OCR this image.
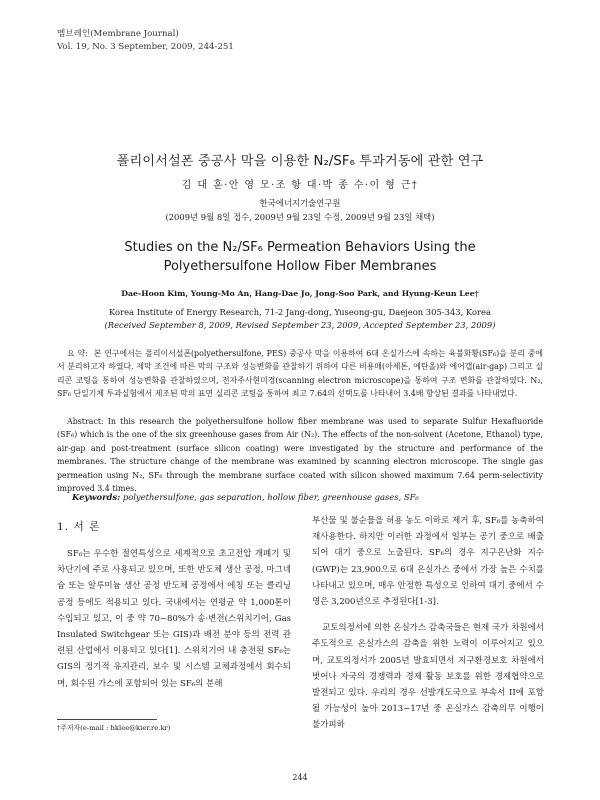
멤브레인(Membrane Journal)
Vol. 19, No. 3 September, 2009, 244-251
폴리이서설폰 중공사 막을 이용한 N₂/SF₆ 투과거동에 관한 연구
김 대 훈·안 영 모·조 항 대·박 종 수·이 형 근†
한국에너지기술연구원
(2009년 9월 8일 접수, 2009년 9월 23일 수정, 2009년 9월 23일 채택)
Studies on the N₂/SF₆ Permeation Behaviors Using the Polyethersulfone Hollow Fiber Membranes
Dae-Hoon Kim, Young-Mo An, Hang-Dae Jo, Jong-Soo Park, and Hyung-Keun Lee†
Korea Institute of Energy Research, 71-2 Jang-dong, Yuseong-gu, Daejeon 305-343, Korea
(Received September 8, 2009, Revised September 23, 2009, Accepted September 23, 2009)
요 약: 본 연구에서는 폴리이서설폰(polyethersulfone, PES) 중공사 막을 이용하여 6대 온실가스에 속하는 육불화황(SF₆)을 분리 중에서 분리하고자 하였다. 제막 조건에 따른 막의 구조와 성능변화를 관찰하기 위하여 다른 비용매(아세톤, 에탄올)와 에어갭(air-gap) 그리고 실리콘 코팅을 통하여 성능변화를 관찰하였으며, 전자주사현미경(scanning electron microscope)을 통하여 구조 변화를 관찰하였다. N₂, SF₆ 단일기체 투과실험에서 제조된 막의 표면 실리콘 코팅을 통하여 최고 7.64의 선택도를 나타내어 3.4배 향상된 결과를 나타내었다.
Abstract: In this research the polyethersulfone hollow fiber membrane was used to separate Sulfur Hexafluoride (SF₆) which is the one of the six greenhouse gases from Air (N₂). The effects of the non-solvent (Acetone, Ethanol) type, air-gap and post-treatment (surface silicon coating) were investigated by the structure and performance of the membranes. The structure change of the membrane was examined by scanning electron microscope. The single gas permeation using N₂, SF₆ through the membrane surface coated with silicon showed maximum 7.64 perm-selectivity improved 3.4 times.
Keywords: polyethersulfone, gas separation, hollow fiber, greenhouse gases, SF₆
1. 서 론
SF₆는 우수한 절연특성으로 세계적으로 초고전압 개폐기 및 차단기에 주로 사용되고 있으며, 또한 반도체 생산 공정, 마그네슘 또는 알루미늄 생산 공정 반도체 공정에서 에칭 또는 클리닝 공정 등에도 적용되고 있다. 국내에서는 연평균 약 1,000톤이 수입되고 있고, 이 중 약 70~80%가 송·변전(스위치기어, Gas Insulated Switchgear 또는 GIS)과 배전 분야 등의 전력 관련된 산업에서 이용되고 있다[1]. 스위치기어 내 충전된 SF₆는 GIS의 정기적 유지관리, 보수 및 시스템 교체과정에서 회수되며, 회수된 가스에 포함되어 있는 SF₆의 분해
부산물 및 불순물을 허용 농도 이하로 제거 후, SF₆를 농축하여 재사용한다. 하지만 이러한 과정에서 일부는 공기 중으로 배출되어 대기 중으로 노출된다. SF₆의 경우 지구온난화 지수(GWP)는 23,900으로 6대 온실가스 중에서 가장 높은 수치를 나타내고 있으며, 매우 안정한 특성으로 인하여 대기 중에서 수명은 3,200년으로 추정된다[1-3].
교토의정서에 의한 온실가스 감축국들은 현재 국가 차원에서 주도적으로 온실가스의 감축을 위한 노력이 이루어지고 있으며, 교토의정서가 2005년 발효되면서 지구환경보호 차원에서 벗어나 자국의 경쟁력과 경제 활동 보호를 위한 경제협약으로 발전되고 있다. 우리의 경우 선발개도국으로 부속서 II에 포함될 가능성이 높아 2013~17년 중 온실가스 감축의무 이행이 불가피하
†주저자(e-mail : hklee@kier.re.kr)
244
